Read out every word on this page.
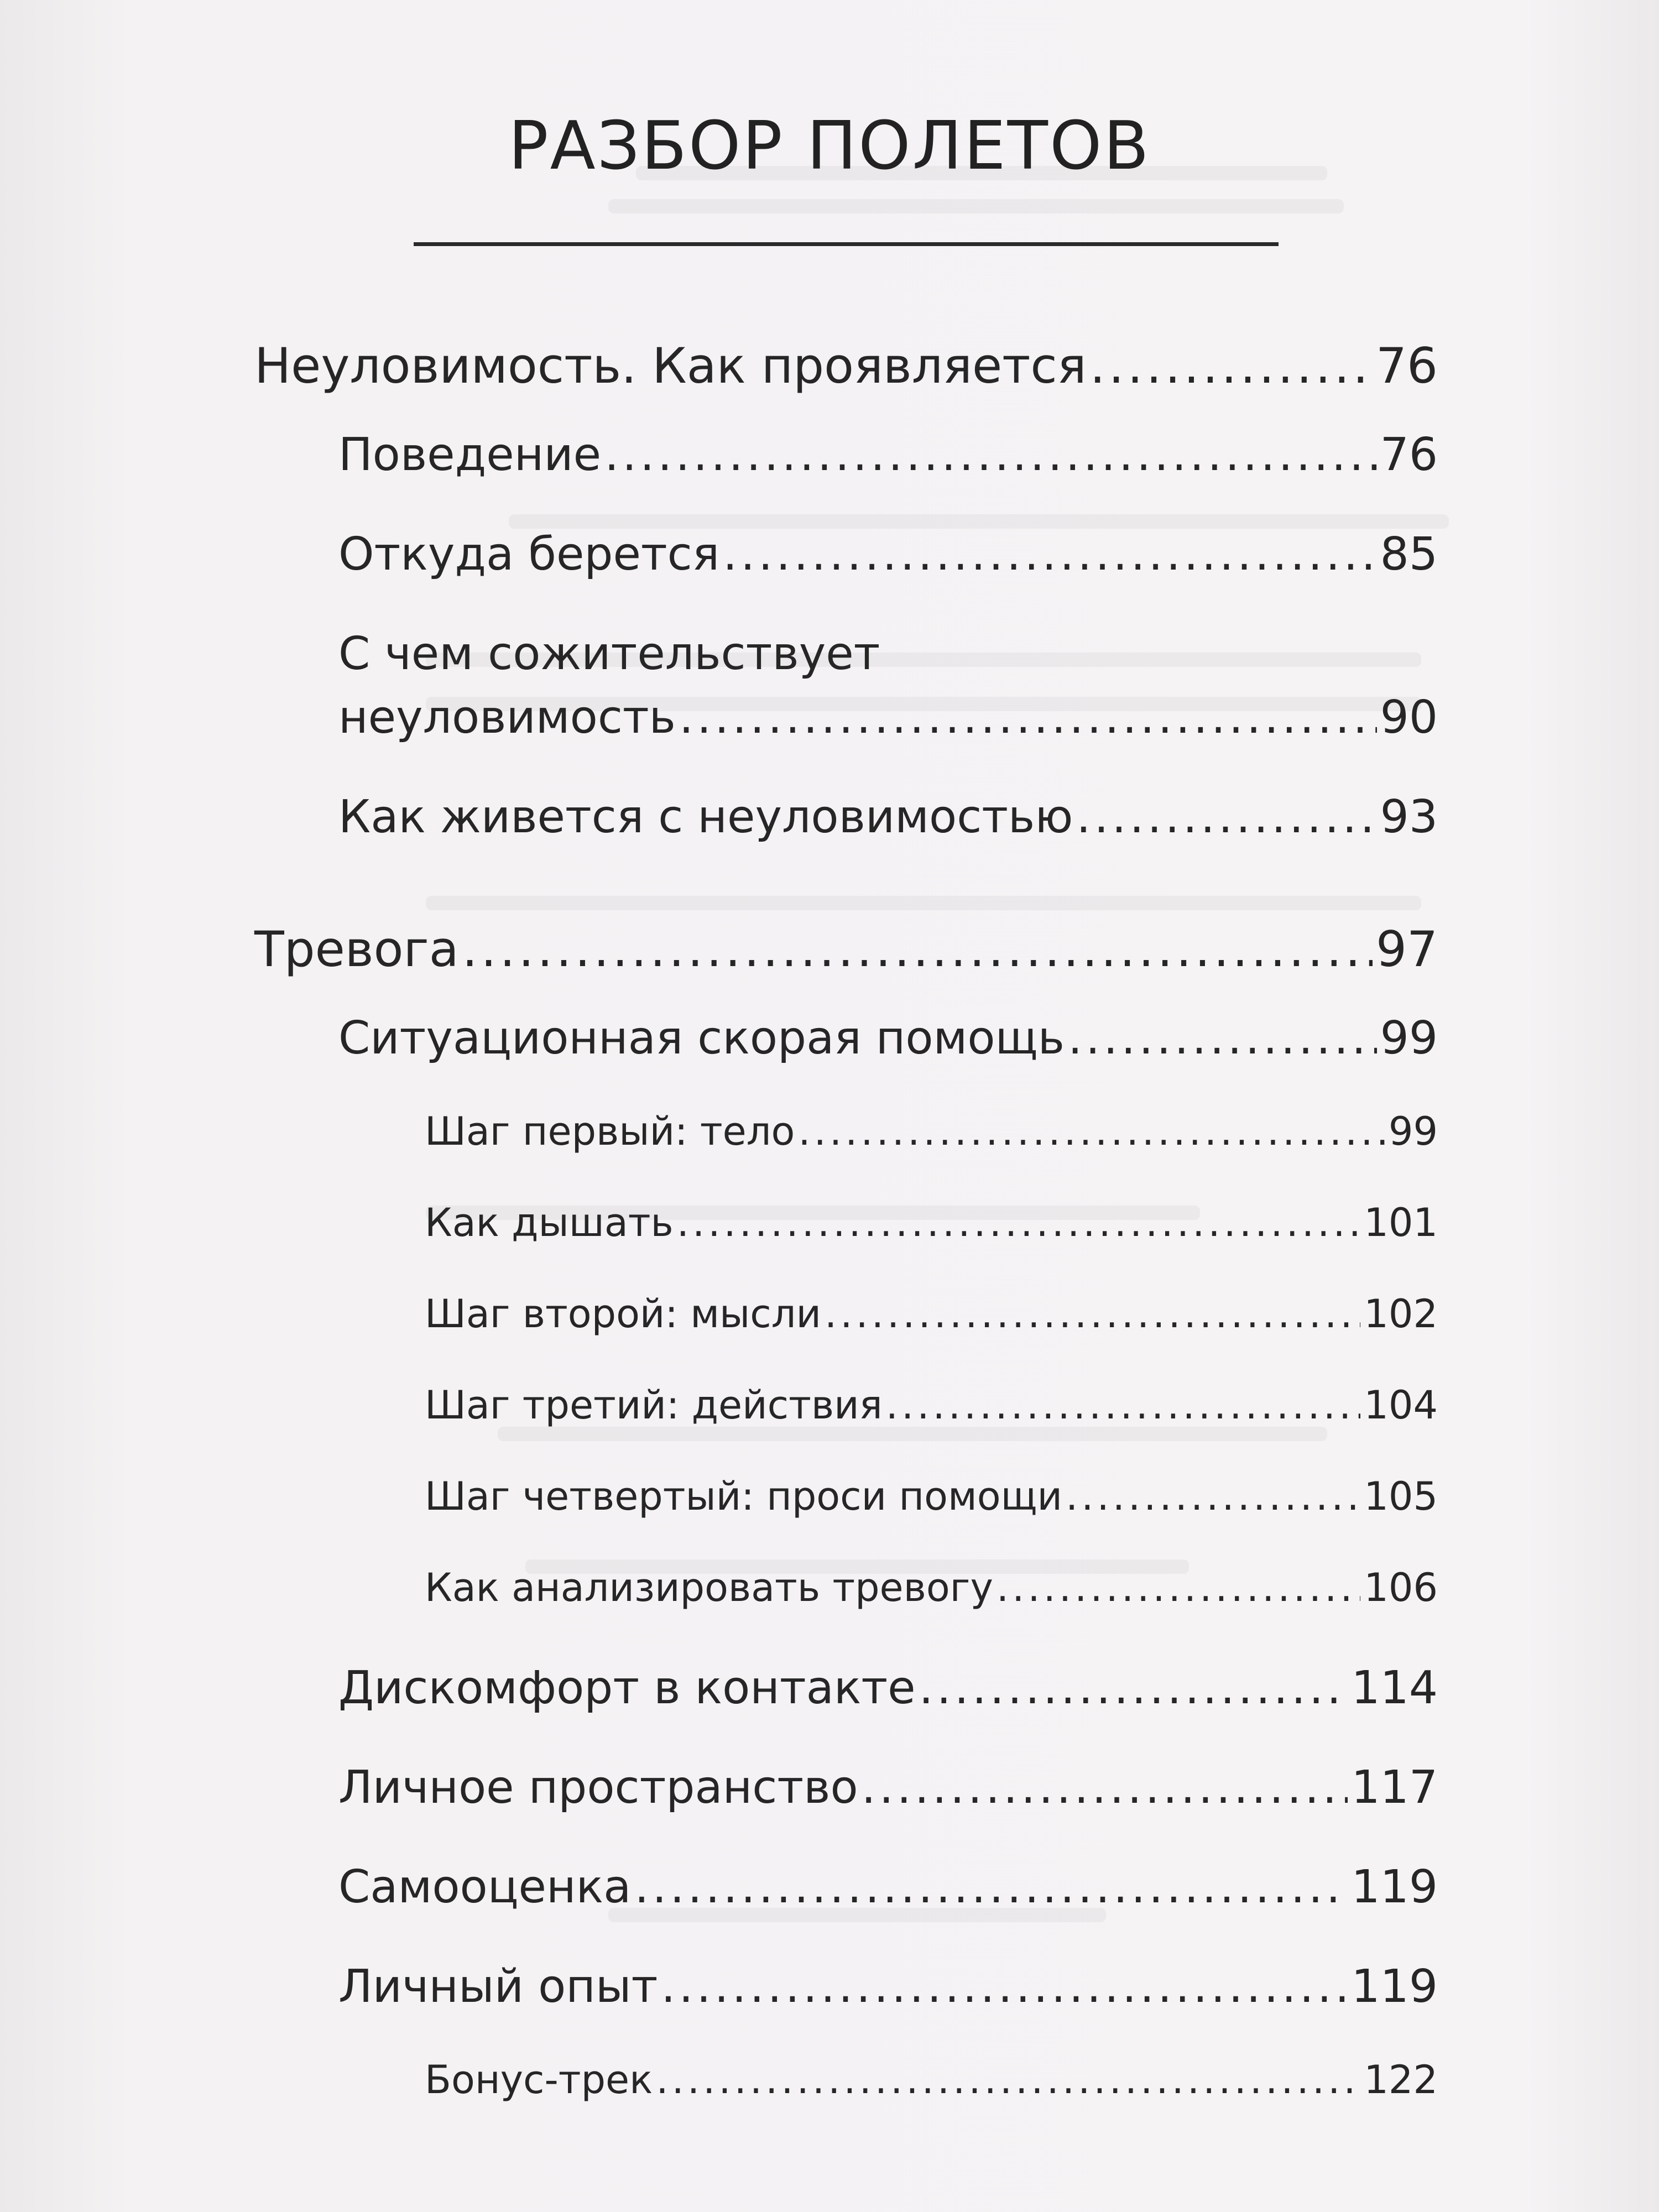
РАЗБОР ПОЛЕТОВ
Неуловимость. Как проявляется .....	76
Поведение .....	76
Откуда берется .....	85
С чем сожительствует
неуловимость .....	90
Как живется с неуловимостью .....	93
Тревога .....	97
Ситуационная скорая помощь .....	99
Шаг первый: тело .....	99
Как дышать .....	101
Шаг второй: мысли .....	102
Шаг третий: действия .....	104
Шаг четвертый: проси помощи .....	105
Как анализировать тревогу .....	106
Дискомфорт в контакте .....	114
Личное пространство .....	117
Самооценка .....	119
Личный опыт .....	119
Бонус-трек .....	122
